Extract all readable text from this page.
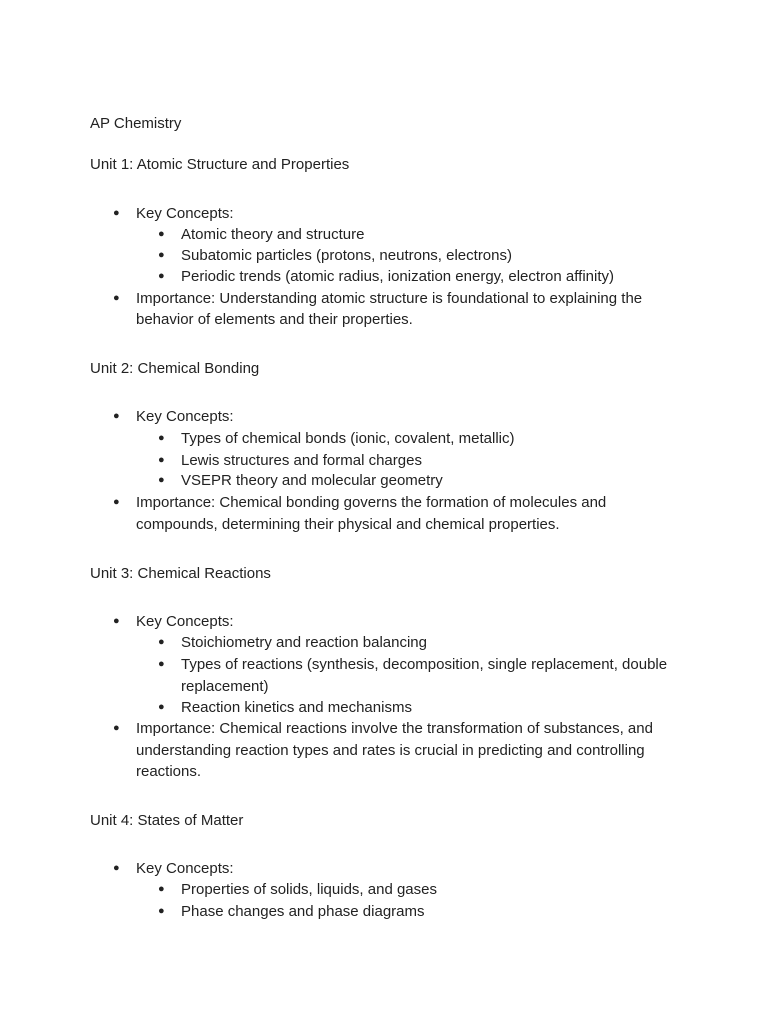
AP Chemistry
Unit 1: Atomic Structure and Properties
● Key Concepts:
● Atomic theory and structure
● Subatomic particles (protons, neutrons, electrons)
● Periodic trends (atomic radius, ionization energy, electron affinity)
● Importance: Understanding atomic structure is foundational to explaining the
behavior of elements and their properties.
Unit 2: Chemical Bonding
● Key Concepts:
● Types of chemical bonds (ionic, covalent, metallic)
● Lewis structures and formal charges
● VSEPR theory and molecular geometry
● Importance: Chemical bonding governs the formation of molecules and
compounds, determining their physical and chemical properties.
Unit 3: Chemical Reactions
● Key Concepts:
● Stoichiometry and reaction balancing
● Types of reactions (synthesis, decomposition, single replacement, double
replacement)
● Reaction kinetics and mechanisms
● Importance: Chemical reactions involve the transformation of substances, and
understanding reaction types and rates is crucial in predicting and controlling
reactions.
Unit 4: States of Matter
● Key Concepts:
● Properties of solids, liquids, and gases
● Phase changes and phase diagrams
